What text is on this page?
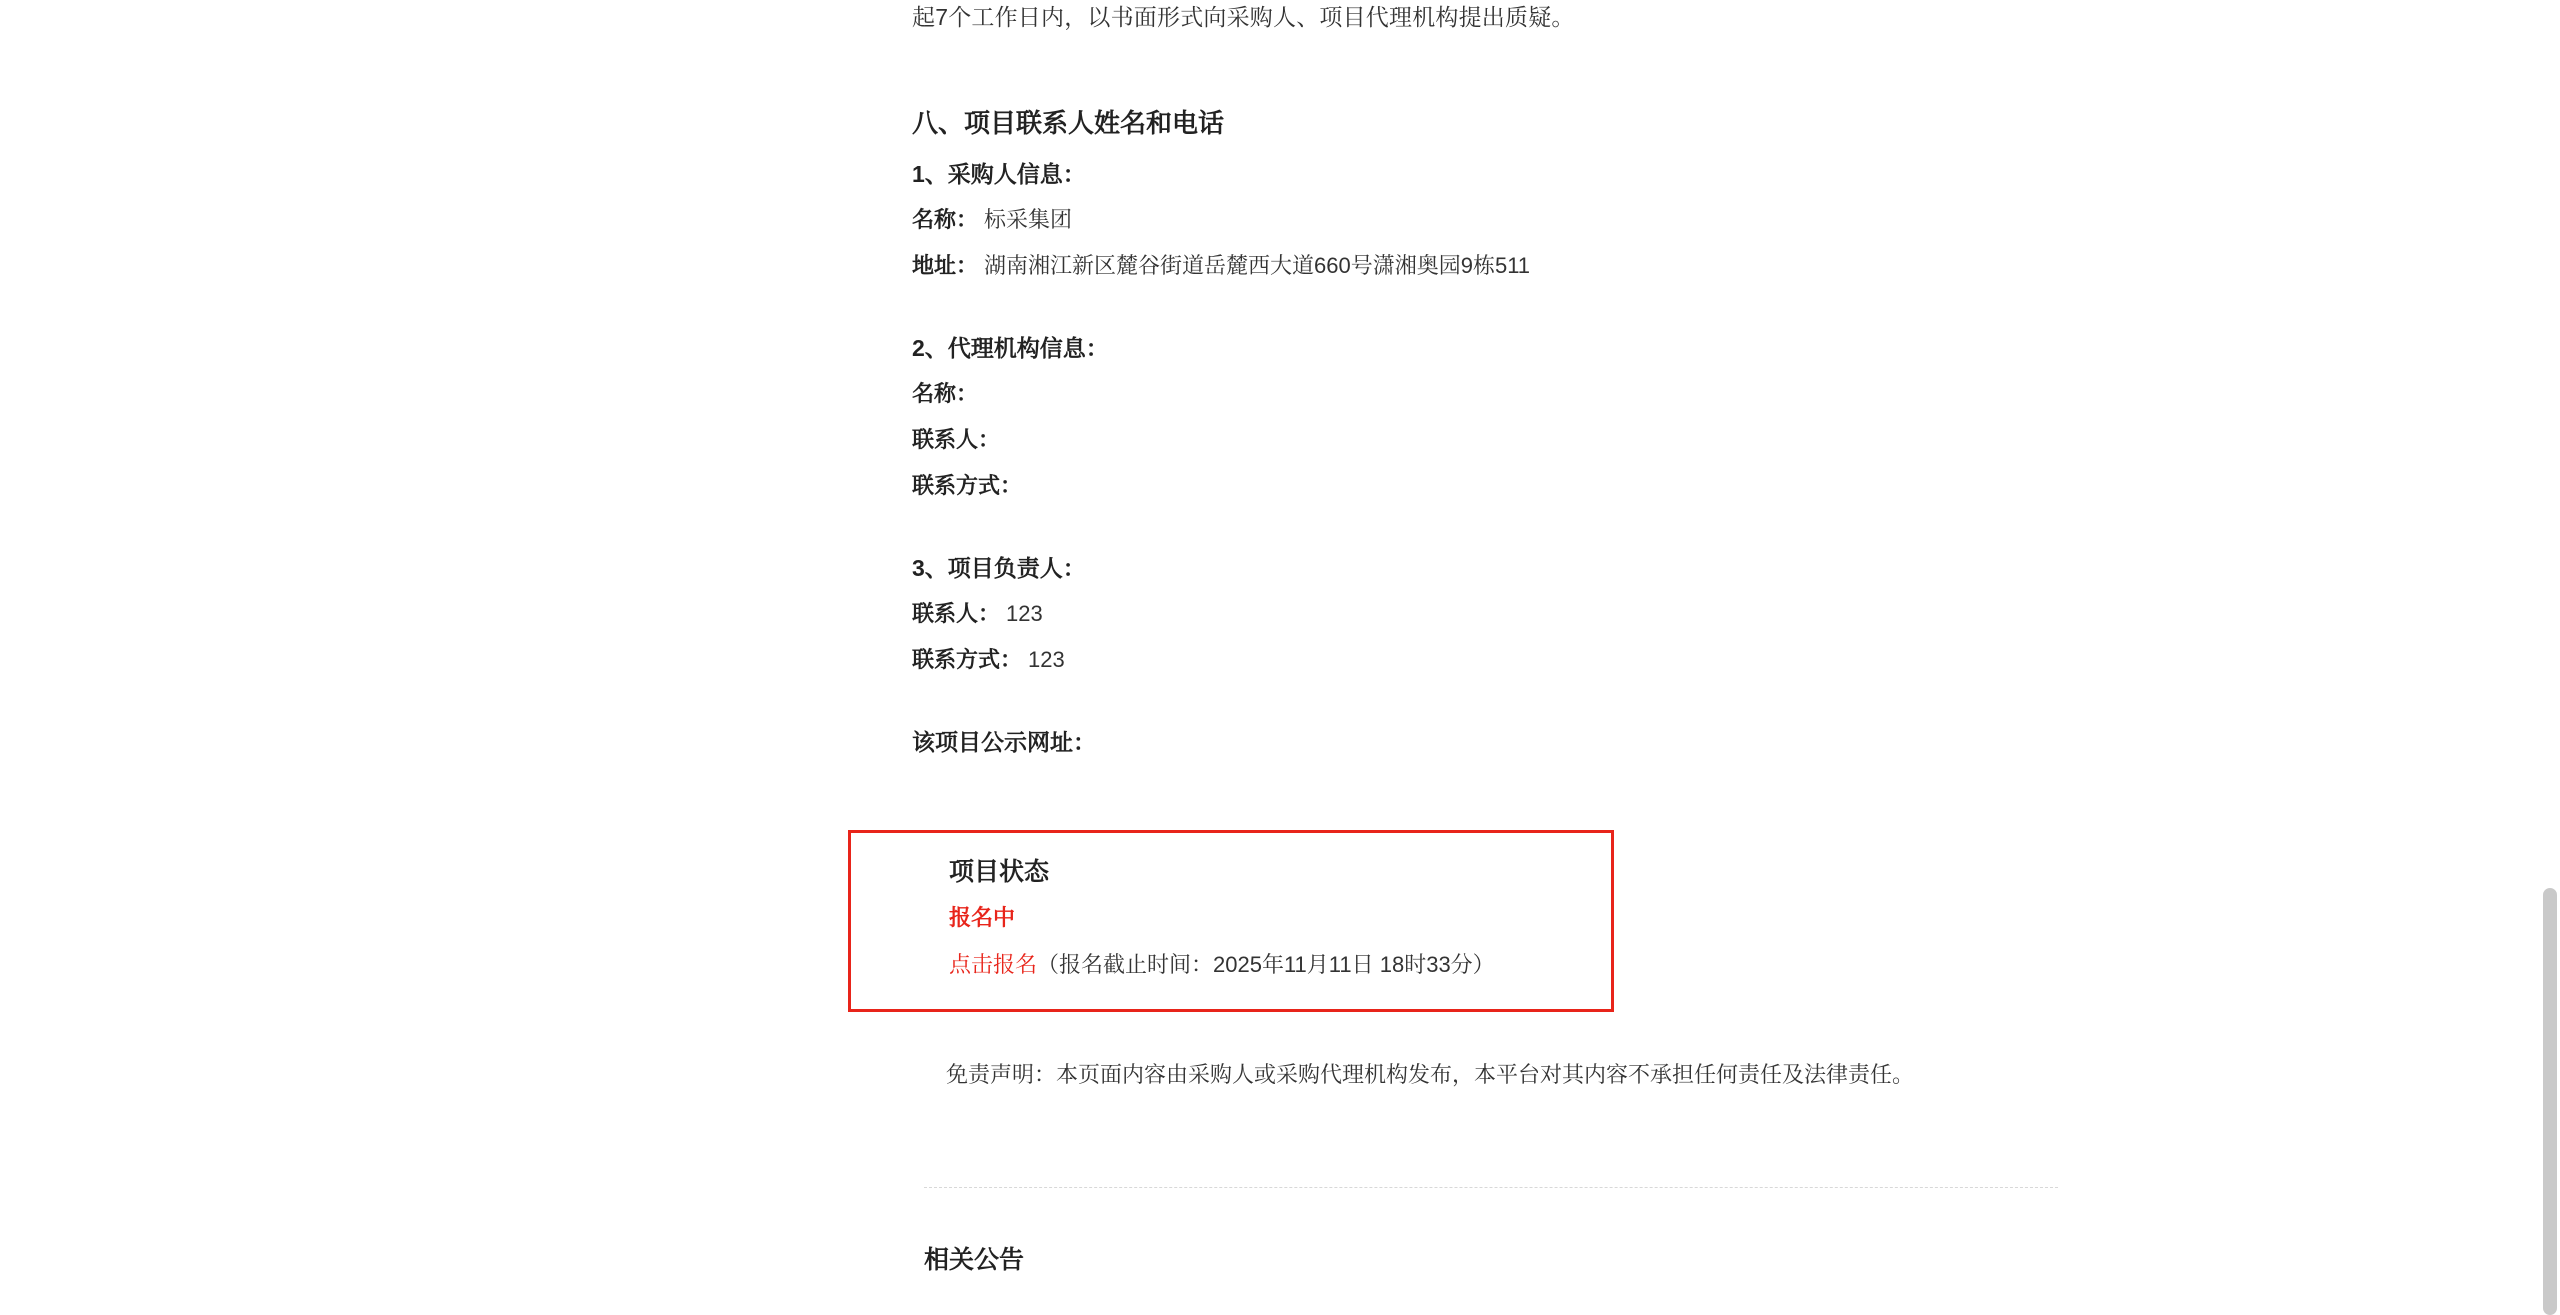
起7个工作日内，以书面形式向采购人、项目代理机构提出质疑。

八、项目联系人姓名和电话
1、采购人信息：
名称： 标采集团
地址： 湖南湘江新区麓谷街道岳麓西大道660号潇湘奥园9栋511
2、代理机构信息：
名称：
联系人：
联系方式：
3、项目负责人：
联系人： 123
联系方式： 123
该项目公示网址：
项目状态
报名中
点击报名（报名截止时间：2025年11月11日 18时33分）
免责声明：本页面内容由采购人或采购代理机构发布，本平台对其内容不承担任何责任及法律责任。
相关公告
